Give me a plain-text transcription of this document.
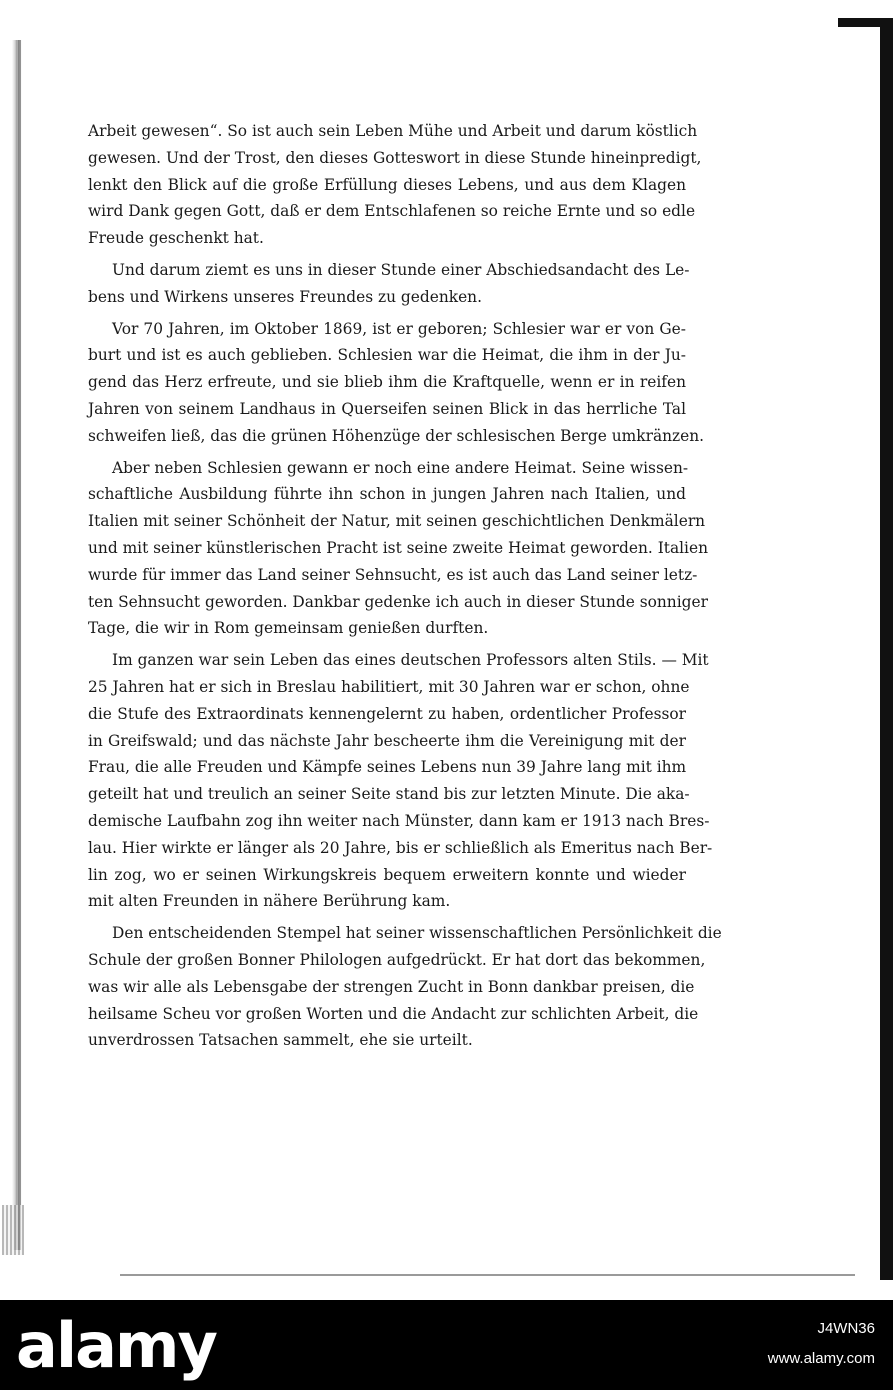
Arbeit gewesen“. So ist auch sein Leben Mühe und Arbeit und darum köstlich
gewesen. Und der Trost, den dieses Gotteswort in diese Stunde hineinpredigt,
lenkt den Blick auf die große Erfüllung dieses Lebens, und aus dem Klagen
wird Dank gegen Gott, daß er dem Entschlafenen so reiche Ernte und so edle
Freude geschenkt hat.
Und darum ziemt es uns in dieser Stunde einer Abschiedsandacht des Le-
bens und Wirkens unseres Freundes zu gedenken.
Vor 70 Jahren, im Oktober 1869, ist er geboren; Schlesier war er von Ge-
burt und ist es auch geblieben. Schlesien war die Heimat, die ihm in der Ju-
gend das Herz erfreute, und sie blieb ihm die Kraftquelle, wenn er in reifen
Jahren von seinem Landhaus in Querseifen seinen Blick in das herrliche Tal
schweifen ließ, das die grünen Höhenzüge der schlesischen Berge umkränzen.
Aber neben Schlesien gewann er noch eine andere Heimat. Seine wissen-
schaftliche Ausbildung führte ihn schon in jungen Jahren nach Italien, und
Italien mit seiner Schönheit der Natur, mit seinen geschichtlichen Denkmälern
und mit seiner künstlerischen Pracht ist seine zweite Heimat geworden. Italien
wurde für immer das Land seiner Sehnsucht, es ist auch das Land seiner letz-
ten Sehnsucht geworden. Dankbar gedenke ich auch in dieser Stunde sonniger
Tage, die wir in Rom gemeinsam genießen durften.
Im ganzen war sein Leben das eines deutschen Professors alten Stils. — Mit
25 Jahren hat er sich in Breslau habilitiert, mit 30 Jahren war er schon, ohne
die Stufe des Extraordinats kennengelernt zu haben, ordentlicher Professor
in Greifswald; und das nächste Jahr bescheerte ihm die Vereinigung mit der
Frau, die alle Freuden und Kämpfe seines Lebens nun 39 Jahre lang mit ihm
geteilt hat und treulich an seiner Seite stand bis zur letzten Minute. Die aka-
demische Laufbahn zog ihn weiter nach Münster, dann kam er 1913 nach Bres-
lau. Hier wirkte er länger als 20 Jahre, bis er schließlich als Emeritus nach Ber-
lin zog, wo er seinen Wirkungskreis bequem erweitern konnte und wieder
mit alten Freunden in nähere Berührung kam.
Den entscheidenden Stempel hat seiner wissenschaftlichen Persönlichkeit die
Schule der großen Bonner Philologen aufgedrückt. Er hat dort das bekommen,
was wir alle als Lebensgabe der strengen Zucht in Bonn dankbar preisen, die
heilsame Scheu vor großen Worten und die Andacht zur schlichten Arbeit, die
unverdrossen Tatsachen sammelt, ehe sie urteilt.
alamy	J4WN36
www.alamy.com
